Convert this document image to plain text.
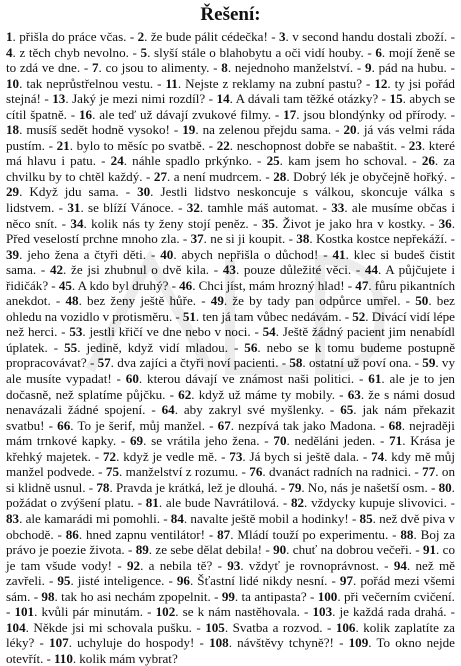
Řešení:

1. přišla do práce včas. - 2. že bude pálit cédečka! - 3. v second handu dostali zboží. - 4. z těch chyb nevolno. - 5. slyší stále o blahobytu a oči vidí houby. - 6. mojí ženě se to zdá ve dne. - 7. co jsou to alimenty. - 8. nejednoho manželství. - 9. pád na hubu. - 10. tak neprůstřelnou vestu. - 11. Nejste z reklamy na zubní pastu? - 12. ty jsi pořád stejná! - 13. Jaký je mezi nimi rozdíl? - 14. A dávali tam těžké otázky? - 15. abych se cítil špatně. - 16. ale teď už dávají zvukové filmy. - 17. jsou blondýnky od přírody. - 18. musíš sedět hodně vysoko! - 19. na zelenou přejdu sama. - 20. já vás velmi ráda pustím. - 21. bylo to měsíc po svatbě. - 22. neschopnost dobře se nabaštit. - 23. které má hlavu i patu. - 24. náhle spadlo prkýnko. - 25. kam jsem ho schoval. - 26. za chvilku by to chtěl každý. - 27. a není mudrcem. - 28. Dobrý lék je obyčejně hořký. - 29. Když jdu sama. - 30. Jestli lidstvo neskoncuje s válkou, skoncuje válka s lidstvem. - 31. se blíží Vánoce. - 32. tamhle máš automat. - 33. ale musíme občas i něco snít. - 34. kolik nás ty ženy stojí peněz. - 35. Život je jako hra v kostky. - 36. Před veselostí prchne mnoho zla. - 37. ne si ji koupit. - 38. Kostka kostce nepřekáží. - 39. jeho žena a čtyři děti. - 40. abych nepřišla o důchod! - 41. klec si budeš čistit sama. - 42. že jsi zhubnul o dvě kila. - 43. pouze důležité věci. - 44. A půjčujete i řidičák? - 45. A kdo byl druhý? - 46. Chci jíst, mám hrozný hlad! - 47. fůru pikantních anekdot. - 48. bez ženy ještě hůře. - 49. že by tady pan odpůrce umřel. - 50. bez ohledu na vozidlo v protisměru. - 51. ten já tam vůbec nedávám. - 52. Divácí vidí lépe než herci. - 53. jestli křičí ve dne nebo v noci. - 54. Ještě žádný pacient jim nenabídl úplatek. - 55. jedině, když vidí mladou. - 56. nebo se k tomu budeme postupně propracovávat? - 57. dva zajíci a čtyři noví pacienti. - 58. ostatní už poví ona. - 59. vy ale musíte vypadat! - 60. kterou dávají ve známost naši politici. - 61. ale je to jen dočasně, než splatíme půjčku. - 62. když už máme ty mobily. - 63. že s námi dosud nenavázali žádné spojení. - 64. aby zakryl své myšlenky. - 65. jak nám překazit svatbu! - 66. To je šerif, můj manžel. - 67. nezpívá tak jako Madona. - 68. nejraději mám trnkové kapky. - 69. se vrátila jeho žena. - 70. neděláni jeden. - 71. Krása je křehký majetek. - 72. když je vedle mě. - 73. Já bych si ještě dala. - 74. kdy mě můj manžel podvede. - 75. manželství z rozumu. - 76. dvanáct radních na radnici. - 77. on si klidně usnul. - 78. Pravda je krátká, lež je dlouhá. - 79. No, nás je našetší osm. - 80. požádat o zvýšení platu. - 81. ale bude Navrátilová. - 82. vždycky kupuje slivovici. - 83. ale kamarádi mi pomohli. - 84. navalte ještě mobil a hodinky! - 85. než dvě piva v obchodě. - 86. hned zapnu ventilátor! - 87. Mládí touží po experimentu. - 88. Boj za právo je poezie života. - 89. ze sebe dělat debila! - 90. chuť na dobrou večeři. - 91. co je tam všude vody! - 92. a nebila tě? - 93. vždyť je rovnoprávnost. - 94. než mě zavřeli. - 95. jisté inteligence. - 96. Šťastní lidé nikdy nesní. - 97. pořád mezi všemi sám. - 98. tak ho asi nechám zpopelnit. - 99. ta antipasta? - 100. při večerním cvičení. - 101. kvůli pár minutám. - 102. se k nám nastěhovala. - 103. je každá rada drahá. - 104. Někde jsi mi schovala pušku. - 105. Svatba a rozvod. - 106. kolik zaplatíte za léky? - 107. uchyluje do hospody! - 108. návštěvy tchyně?! - 109. To okno nejde otevřít. - 110. kolik mám vybrat?
